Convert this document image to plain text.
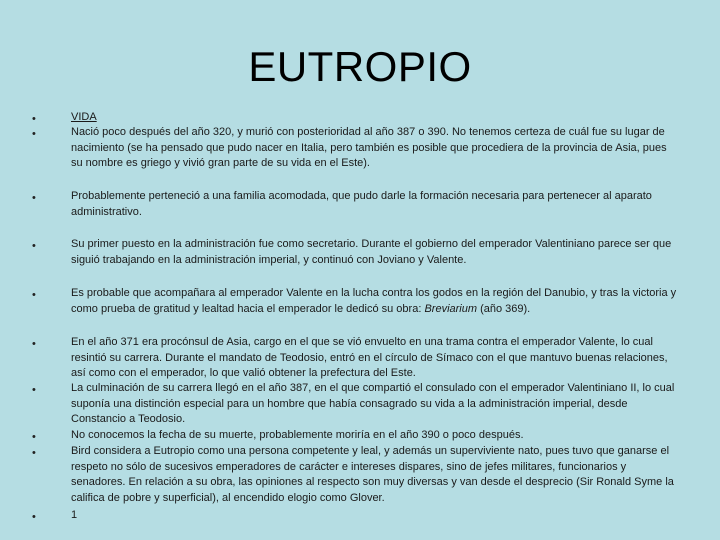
EUTROPIO
•
•
•
•
•
•
•
•
•
•
VIDA
Nació poco después del año 320, y murió con posterioridad al año 387 o 390. No tenemos certeza de cuál fue su lugar de nacimiento (se ha pensado que pudo nacer en Italia, pero también es posible que procediera de la provincia de Asia, pues su nombre es griego y vivió gran parte de su vida en el Este).
Probablemente perteneció a una familia acomodada, que pudo darle la formación necesaria para pertenecer al aparato administrativo.
Su primer puesto en la administración fue como secretario. Durante el gobierno del emperador Valentiniano parece ser que siguió trabajando en la administración imperial, y continuó con Joviano y Valente.
Es probable que acompañara al emperador Valente en la lucha contra los godos en la región del Danubio, y tras la victoria y como prueba de gratitud y lealtad hacia el emperador le dedicó su obra: Breviarium (año 369).
En el año 371 era procónsul de Asia, cargo en el que se vió envuelto en una trama contra el emperador Valente, lo cual resintió su carrera. Durante el mandato de Teodosio, entró en el círculo de Símaco con el que mantuvo buenas relaciones, así como con el emperador, lo que valió obtener la prefectura del Este.
La culminación de su carrera llegó en el año 387, en el que compartió el consulado con el emperador Valentiniano II, lo cual suponía una distinción especial para un hombre que había consagrado su vida a la administración imperial, desde Constancio a Teodosio.
No conocemos la fecha de su muerte, probablemente moriría en el año 390 o poco después.
Bird considera a Eutropio como una persona competente y leal, y además un superviviente nato, pues tuvo que ganarse el respeto no sólo de sucesivos emperadores de carácter e intereses dispares, sino de jefes militares, funcionarios y senadores. En relación a su obra, las opiniones al respecto son muy diversas y van desde el desprecio (Sir Ronald Syme la califica de pobre y superficial), al encendido elogio como Glover.
1
